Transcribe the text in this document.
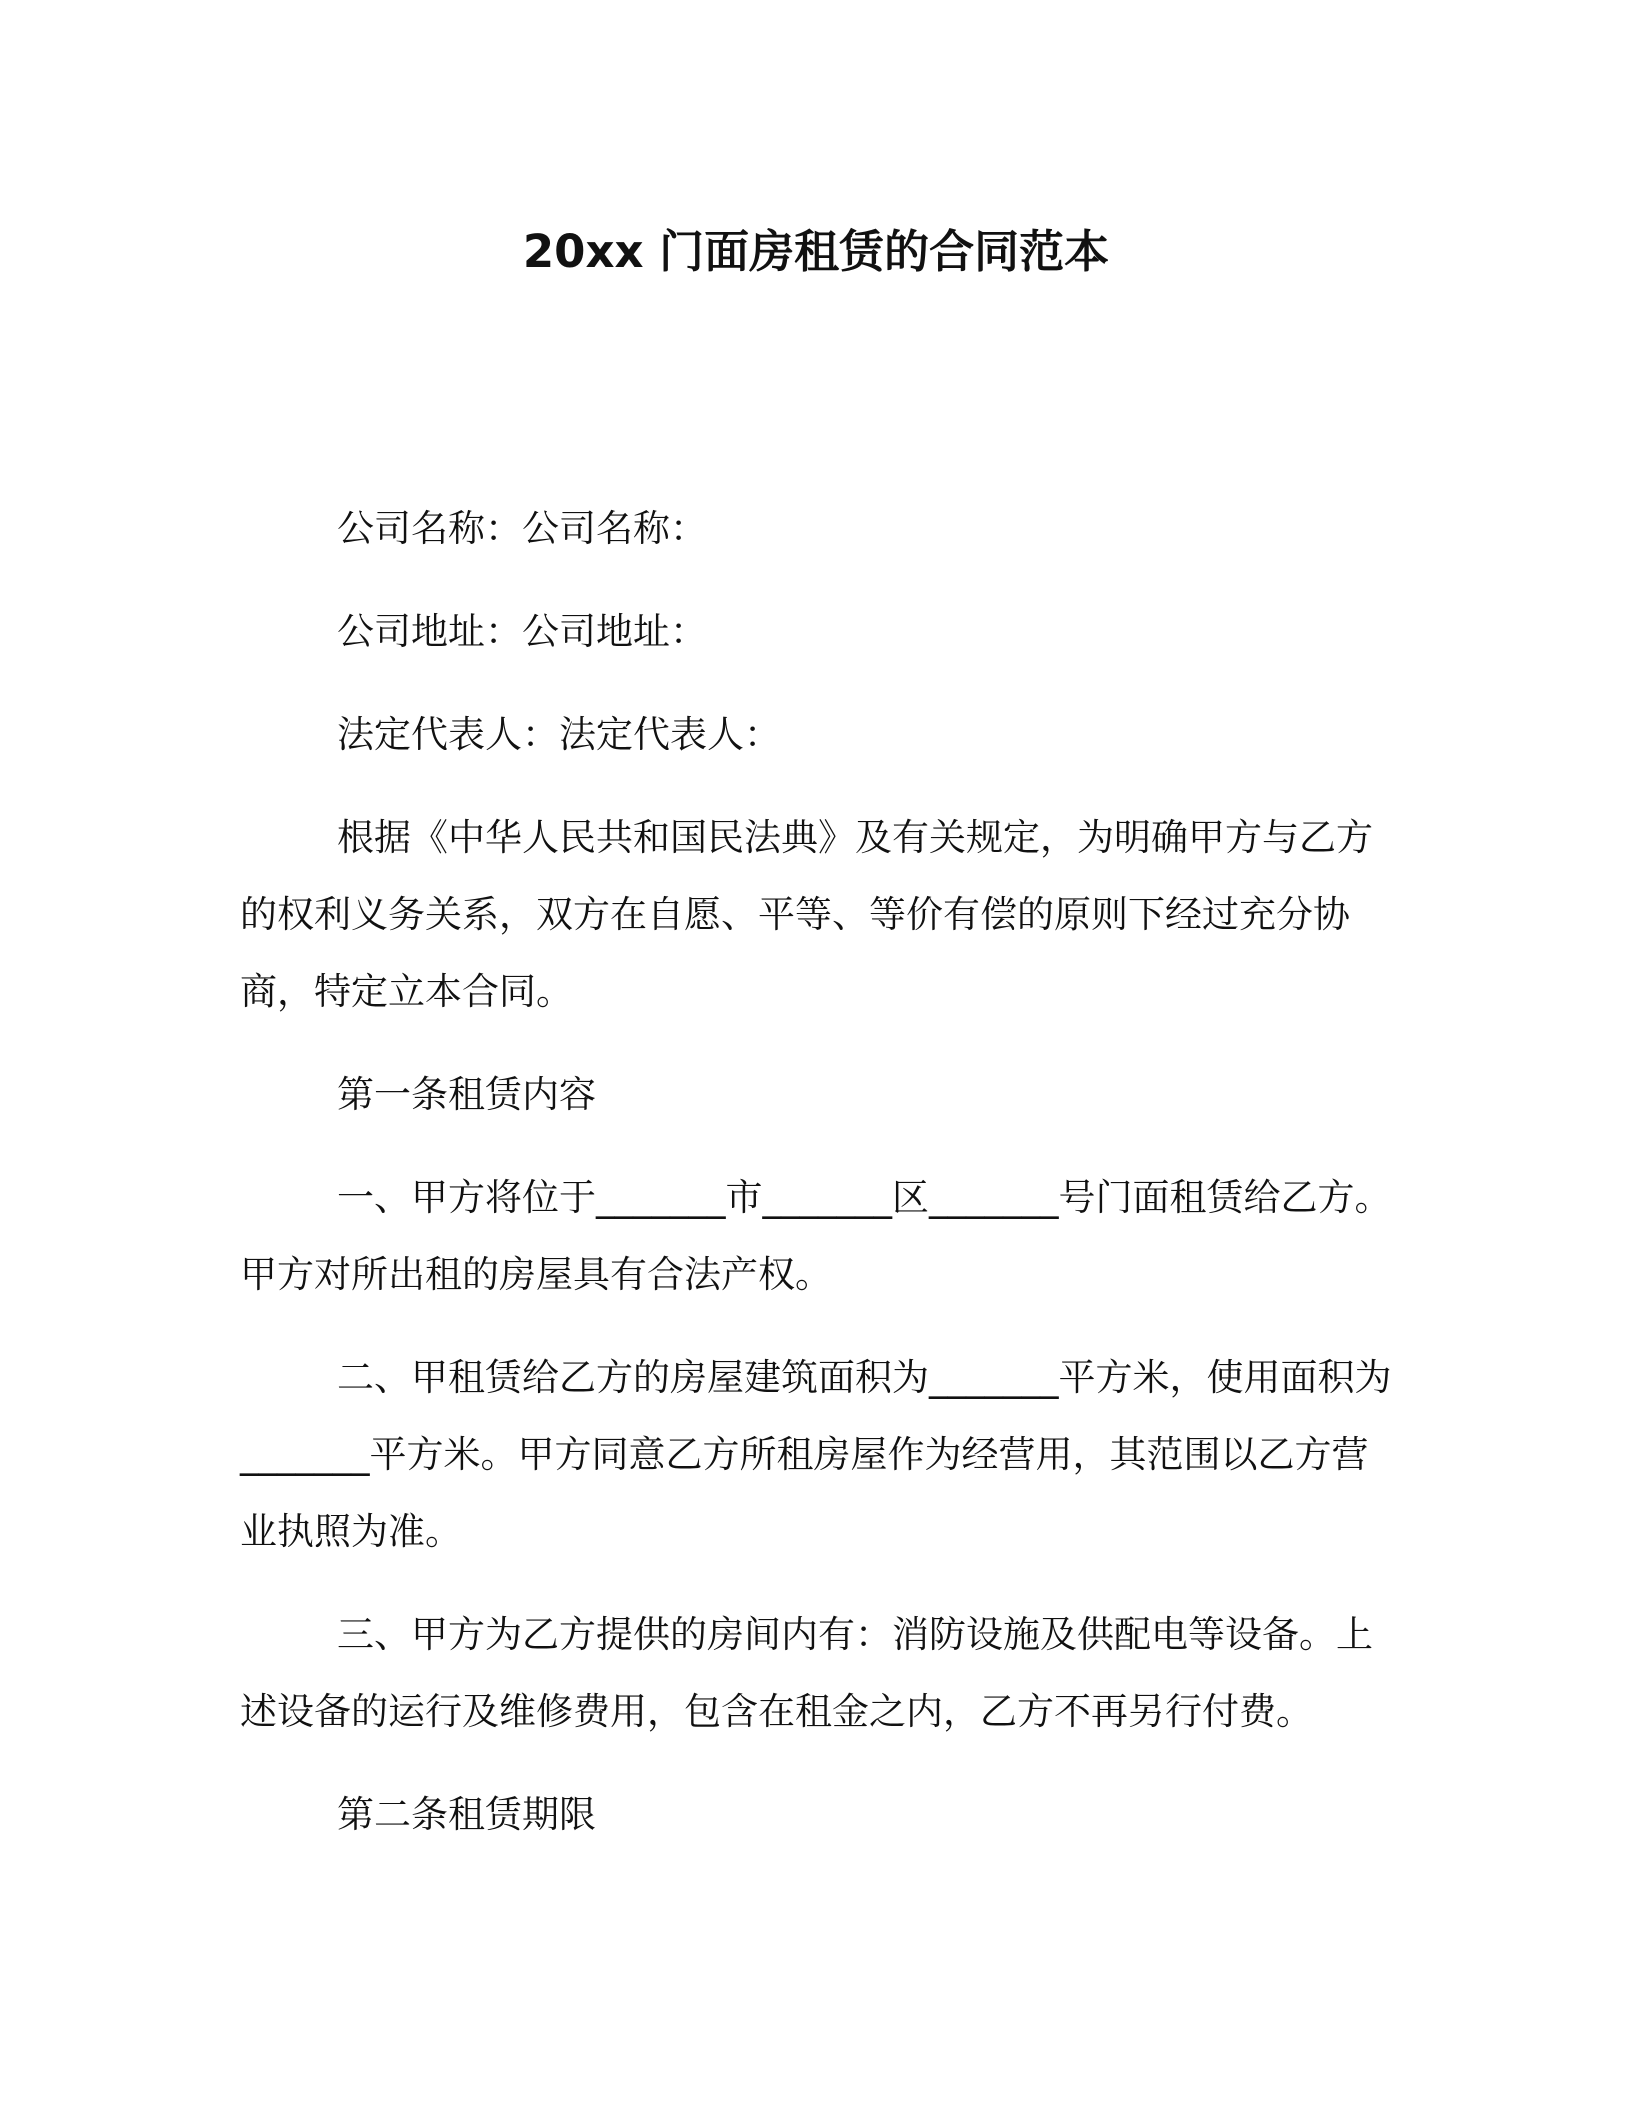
20xx 门面房租赁的合同范本

公司名称：公司名称：

公司地址：公司地址：

法定代表人：法定代表人：

根据《中华人民共和国民法典》及有关规定，为明确甲方与乙方的权利义务关系，双方在自愿、平等、等价有偿的原则下经过充分协商，特定立本合同。

第一条租赁内容

一、甲方将位于_______市_______区_______号门面租赁给乙方。甲方对所出租的房屋具有合法产权。

二、甲租赁给乙方的房屋建筑面积为_______平方米，使用面积为_______平方米。甲方同意乙方所租房屋作为经营用，其范围以乙方营业执照为准。

三、甲方为乙方提供的房间内有：消防设施及供配电等设备。上述设备的运行及维修费用，包含在租金之内，乙方不再另行付费。

第二条租赁期限
